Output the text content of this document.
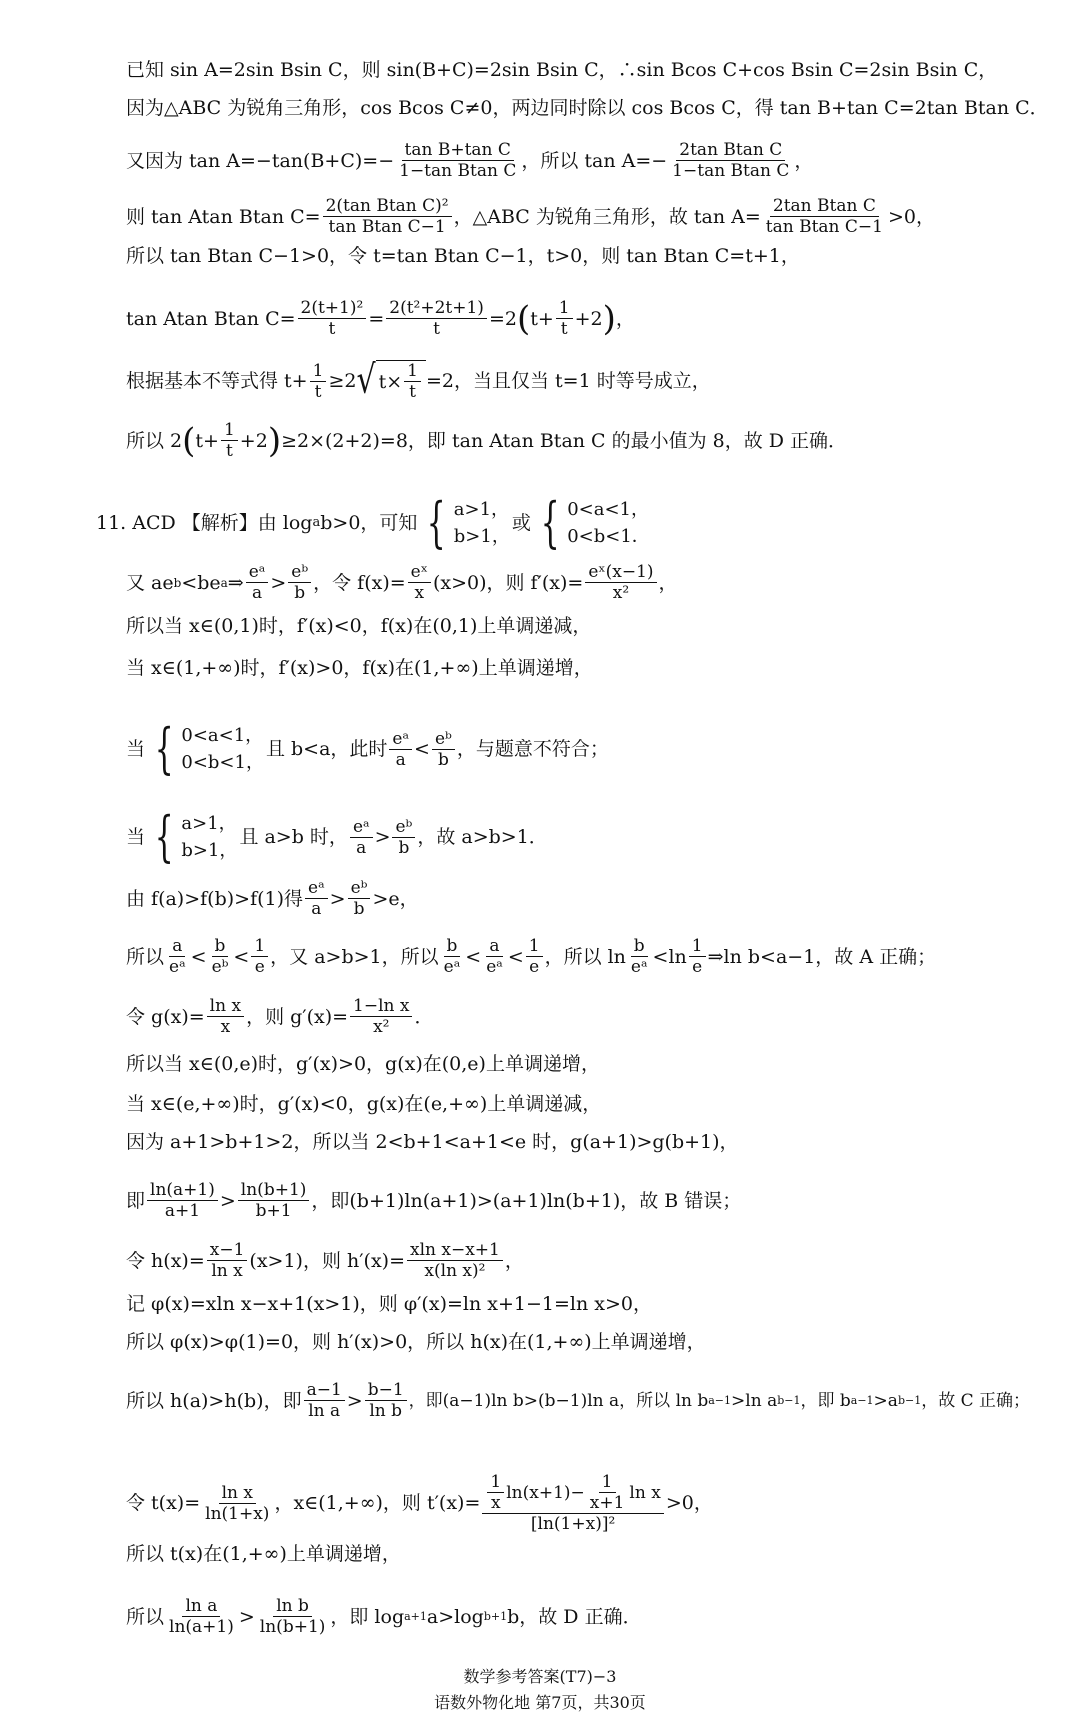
已知 sin A=2sin Bsin C，则 sin(B+C)=2sin Bsin C，∴sin Bcos C+cos Bsin C=2sin Bsin C，
因为△ABC 为锐角三角形，cos Bcos C≠0，两边同时除以 cos Bcos C，得 tan B+tan C=2tan Btan C．
又因为 $\tan A=-\tan(B+C)=- \frac{\text{tan B+tan C}}{\text{1−tan Btan C}}$ ，所以 $\tan A=- \frac{\text{2tan Btan C}}{\text{1−tan Btan C}}$ ，
则 tan Atan Btan $C= \frac{\text{2(tan Btan C)²}}{\text{tan Btan C−1}}$ ，△ABC 为锐角三角形，故 $\tan A= \frac{\text{2tan Btan C}}{\text{tan Btan C−1}} >0$，
所以 tan Btan C−1>0，令 t=tan Btan C−1，t>0，则 tan Btan C=t+1，
tan Atan Btan $C= \frac{\text{2(t+1)²}}{t} = \frac{\text{2(t²+2t+1)}}{t} =2$ ( $t+ \frac{1}{t} +2$ ) ，
根据基本不等式得 $t+ \frac{1}{t} \ge 2$ √ $t\times \frac{1}{t} =2$，当且仅当 t=1 时等号成立，
所以 2 ( $t+ \frac{1}{t} +2$ ) ≥2×(2+2)=8，即 tan Atan Btan C 的最小值为 8，故 D 正确．
11. ACD 【解析】由 log a b>0，可知 { a>1，
b>1，
或 { 0<a<1，
0<b<1．
又 ae b <be a ⇒ $\frac{\text{eᵃ}}{a} > \frac{\text{eᵇ}}{b}$ ，令 $f(x)= \frac{\text{eˣ}}{x} (x>0)$，则 $f'(x)= \frac{\text{eˣ(x−1)}}{\text{x²}}$ ，
所以当 x∈(0,1)时，f′(x)<0，f(x)在(0,1)上单调递减，
当 x∈(1,+∞)时，f′(x)>0，f(x)在(1,+∞)上单调递增，
当 { 0<a<1，
0<b<1，
且 b<a，此时 $\frac{\text{eᵃ}}{a} < \frac{\text{eᵇ}}{b}$ ，与题意不符合；
当 { a>1，
b>1，
且 a>b 时， $\frac{\text{eᵃ}}{a} > \frac{\text{eᵇ}}{b}$ ，故 a>b>1．
由 f(a)>f(b)>f(1)得 $\frac{\text{eᵃ}}{a} > \frac{\text{eᵇ}}{b} >e$，
所以 $\frac{a}{\text{eᵃ}} < \frac{b}{\text{eᵇ}} < \frac{1}{e}$ ，又 a>b>1，所以 $\frac{b}{\text{eᵃ}} < \frac{a}{\text{eᵃ}} < \frac{1}{e}$ ，所以 $\ln \frac{b}{\text{eᵃ}} <\ln \frac{1}{e}$ ⇒ln b<a−1，故 A 正确；
令 $g(x)= \frac{\text{ln x}}{x}$ ，则 $g'(x)= \frac{\text{1−ln x}}{\text{x²}}$ ．
所以当 x∈(0,e)时，g′(x)>0，g(x)在(0,e)上单调递增，
当 x∈(e,+∞)时，g′(x)<0，g(x)在(e,+∞)上单调递减，
因为 a+1>b+1>2，所以当 2<b+1<a+1<e 时，g(a+1)>g(b+1)，
即 $\frac{\ln(a+1)}{a+1} > \frac{\ln(b+1)}{b+1}$ ，即(b+1)ln(a+1)>(a+1)ln(b+1)，故 B 错误；
令 $h(x)= \frac{x-1}{\text{ln x}} (x>1)$，则 $h'(x)= \frac{\text{xln x−x+1}}{\text{x(ln x)²}}$ ，
记 φ(x)=xln x−x+1(x>1)，则 φ′(x)=ln x+1−1=ln x>0，
所以 φ(x)>φ(1)=0，则 h′(x)>0，所以 h(x)在(1,+∞)上单调递增，
所以 h(a)>h(b)，即 $\frac{a-1}{\text{ln a}} > \frac{b-1}{\text{ln b}}$ ，即(a−1)ln b>(b−1)ln a，所以 ln b a−1 >ln a b−1 ，即 b a−1 >a b−1 ，故 C 正确；
令 $t(x)= \frac{\text{ln x}}{\ln(1+x)}$ ，x∈(1,+∞)，则 $t'(x)= \frac{\frac{1}{x} \ln(x+1)- \frac{1}{x+1} \ln x}{\text{[ln(1+x)]²}} >0$，
所以 t(x)在(1,+∞)上单调递增，
所以 $\frac{\text{ln a}}{\ln(a+1)} > \frac{\text{ln b}}{\ln(b+1)}$ ，即 log a+1 a>log b+1 b，故 D 正确．
数学参考答案(T7)−3
语数外物化地 第7页，共30页
